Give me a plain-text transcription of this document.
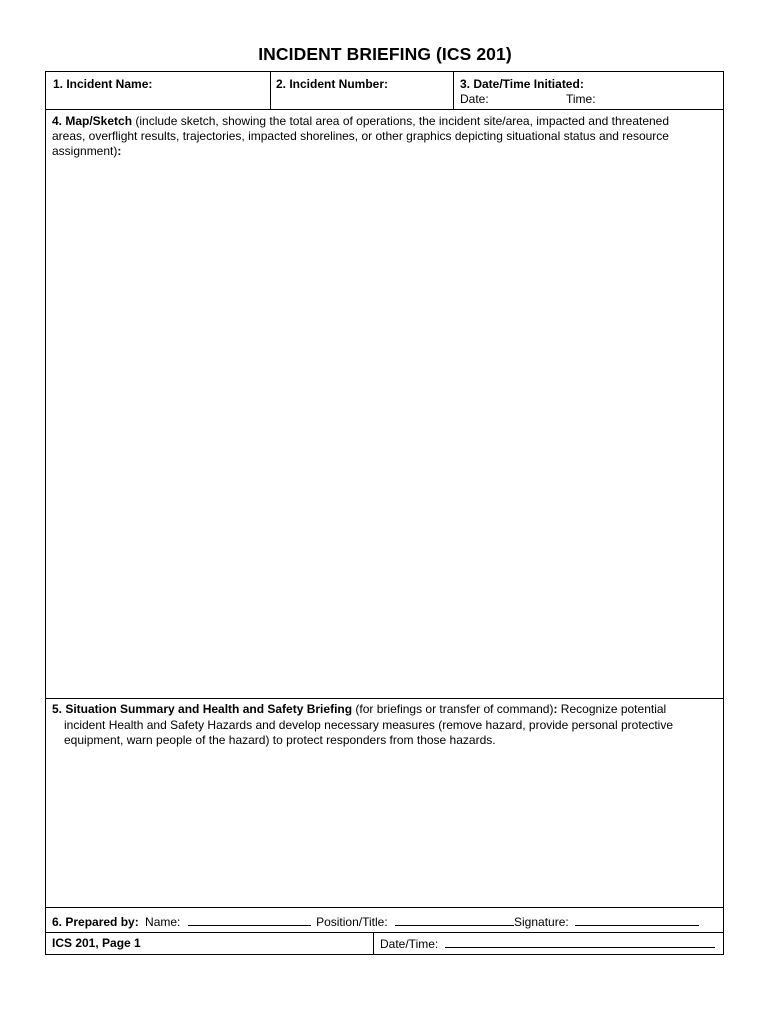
INCIDENT BRIEFING (ICS 201)
1. Incident Name:	2. Incident Number:	3. Date/Time Initiated:
Date:	Time:
4. Map/Sketch (include sketch, showing the total area of operations, the incident site/area, impacted and threatened
areas, overflight results, trajectories, impacted shorelines, or other graphics depicting situational status and resource
assignment):
5. Situation Summary and Health and Safety Briefing (for briefings or transfer of command): Recognize potential
incident Health and Safety Hazards and develop necessary measures (remove hazard, provide personal protective
equipment, warn people of the hazard) to protect responders from those hazards.
6. Prepared by: Name:	Position/Title:	Signature:
ICS 201, Page 1	Date/Time:
